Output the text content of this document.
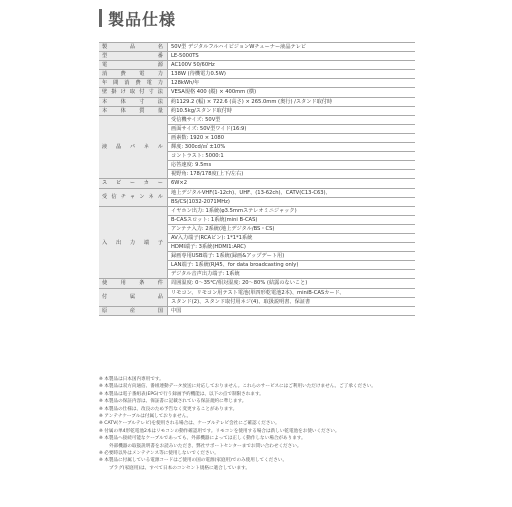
製品仕様
製品名	50V型 デジタルフルハイビジョンWチューナー液晶テレビ
型番	LE-5000TS
電源	AC100V 50/60Hz
消費電力	138W (待機電力0.5W)
年間消費電力	128kWh/年
壁掛け取付寸法	VESA規格 400 (縦) × 400mm (横)
本体寸法	約1129.2 (幅) × 722.6 (高さ) × 265.0mm (奥行) /スタンド取付時
本体質量	約10.5kg/スタンド取付時
液晶パネル	受信機サイズ: 50V型
	画面サイズ: 50V型ワイド(16:9)
	画素数: 1920 × 1080
	輝度: 300cd/㎡ ±10%
	コントラスト: 5000:1
	応答速度: 9.5ms
	視野角: 178/178度(上下/左右)
スピーカー	6W×2
受信チャンネル	地上デジタルVHF(1-12ch)、UHF、(13-62ch)、CATV(C13-C63)、
	BS/CS(1032-2071MHz)
入出力端子	イヤホン出力: 1系統(φ3.5mmステレオミニジャック)
	B-CASスロット: 1系統(mini B-CAS)
	アンテナ入力: 2系統(地上デジタル/BS・CS)
	AV入力端子(RCAピン): 1*1*1系統
	HDMI端子: 3系統(HDMI1:ARC)
	録画専用USB端子: 1系統(録画&アップデート用)
	LAN端子: 1系統(RJ45、for data broadcasting only)
	デジタル音声出力端子: 1系統
使用条件	周囲温度: 0〜35℃/相対湿度: 20〜80% (結露のないこと)
付属品	リモコン、リモコン用テスト電池(単四形乾電池2本)、miniB-CASカード、
	スタンド(2)、スタンド取付用ネジ(4)、取扱説明書、保証書
原産国	中国
※ 本製品は日本国内専用です。
※ 本製品は双方向通信、番組連動データ放送に対応しておりません。これらのサービスにはご利用いただけません。ご了承ください。
※ 本製品は電子番組表(EPG)で行う録画予約機能は、以下の点で制限されます。
※ 本製品の保証内容は、保証書に記載されている保証規約に準じます。
※ 本製品の仕様は、改良のため予告なく変更することがあります。
※ アンテナケーブルは付属しておりません。
※ CATV(ケーブルテレビ)を使用される場合は、ケーブルテレビ会社にご確認ください。
※ 付属の単4形乾電池2本はリモコンの動作確認用です。リモコンを使用する場合は新しい乾電池をお使いください。
※ 本製品へ接続可能なケーブルであっても、外部機器によっては正しく動作しない場合があります。
外部機器の取扱説明書をお読みいただき、弊社サポートセンターまでお問い合わせください。
※ 必要時以外はメンテナンス等に使用しないでください。
※ 本製品に付属している電源コードはご使用の国の電源(家庭用)でのみ使用してください。
プラグ(家庭用)は、すべて日本のコンセント規格に適合しています。
